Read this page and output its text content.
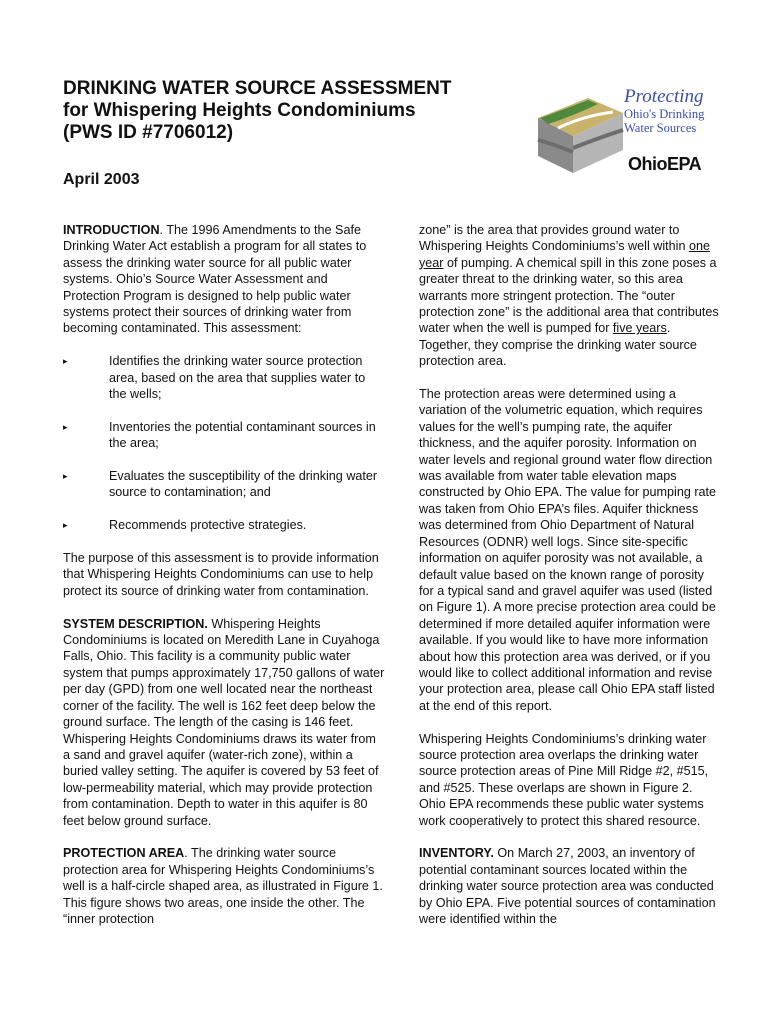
DRINKING WATER SOURCE ASSESSMENT
for Whispering Heights Condominiums
(PWS ID #7706012)

April 2003

Protecting
Ohio's Drinking
Water Sources
OhioEPA

INTRODUCTION. The 1996 Amendments to the Safe Drinking Water Act establish a program for all states to assess the drinking water source for all public water systems. Ohio’s Source Water Assessment and Protection Program is designed to help public water systems protect their sources of drinking water from becoming contaminated. This assessment:

▸	Identifies the drinking water source protection area, based on the area that supplies water to the wells;
▸	Inventories the potential contaminant sources in the area;
▸	Evaluates the susceptibility of the drinking water source to contamination; and
▸	Recommends protective strategies.

The purpose of this assessment is to provide information that Whispering Heights Condominiums can use to help protect its source of drinking water from contamination.

SYSTEM DESCRIPTION. Whispering Heights Condominiums is located on Meredith Lane in Cuyahoga Falls, Ohio. This facility is a community public water system that pumps approximately 17,750 gallons of water per day (GPD) from one well located near the northeast corner of the facility. The well is 162 feet deep below the ground surface. The length of the casing is 146 feet. Whispering Heights Condominiums draws its water from a sand and gravel aquifer (water-rich zone), within a buried valley setting. The aquifer is covered by 53 feet of low-permeability material, which may provide protection from contamination. Depth to water in this aquifer is 80 feet below ground surface.

PROTECTION AREA. The drinking water source protection area for Whispering Heights Condominiums’s well is a half-circle shaped area, as illustrated in Figure 1. This figure shows two areas, one inside the other. The “inner protection

zone” is the area that provides ground water to Whispering Heights Condominiums’s well within one year of pumping. A chemical spill in this zone poses a greater threat to the drinking water, so this area warrants more stringent protection. The “outer protection zone” is the additional area that contributes water when the well is pumped for five years. Together, they comprise the drinking water source protection area.

The protection areas were determined using a variation of the volumetric equation, which requires values for the well’s pumping rate, the aquifer thickness, and the aquifer porosity. Information on water levels and regional ground water flow direction was available from water table elevation maps constructed by Ohio EPA. The value for pumping rate was taken from Ohio EPA’s files. Aquifer thickness was determined from Ohio Department of Natural Resources (ODNR) well logs. Since site-specific information on aquifer porosity was not available, a default value based on the known range of porosity for a typical sand and gravel aquifer was used (listed on Figure 1). A more precise protection area could be determined if more detailed aquifer information were available. If you would like to have more information about how this protection area was derived, or if you would like to collect additional information and revise your protection area, please call Ohio EPA staff listed at the end of this report.

Whispering Heights Condominiums’s drinking water source protection area overlaps the drinking water source protection areas of Pine Mill Ridge #2, #515, and #525. These overlaps are shown in Figure 2. Ohio EPA recommends these public water systems work cooperatively to protect this shared resource.

INVENTORY. On March 27, 2003, an inventory of potential contaminant sources located within the drinking water source protection area was conducted by Ohio EPA. Five potential sources of contamination were identified within the
